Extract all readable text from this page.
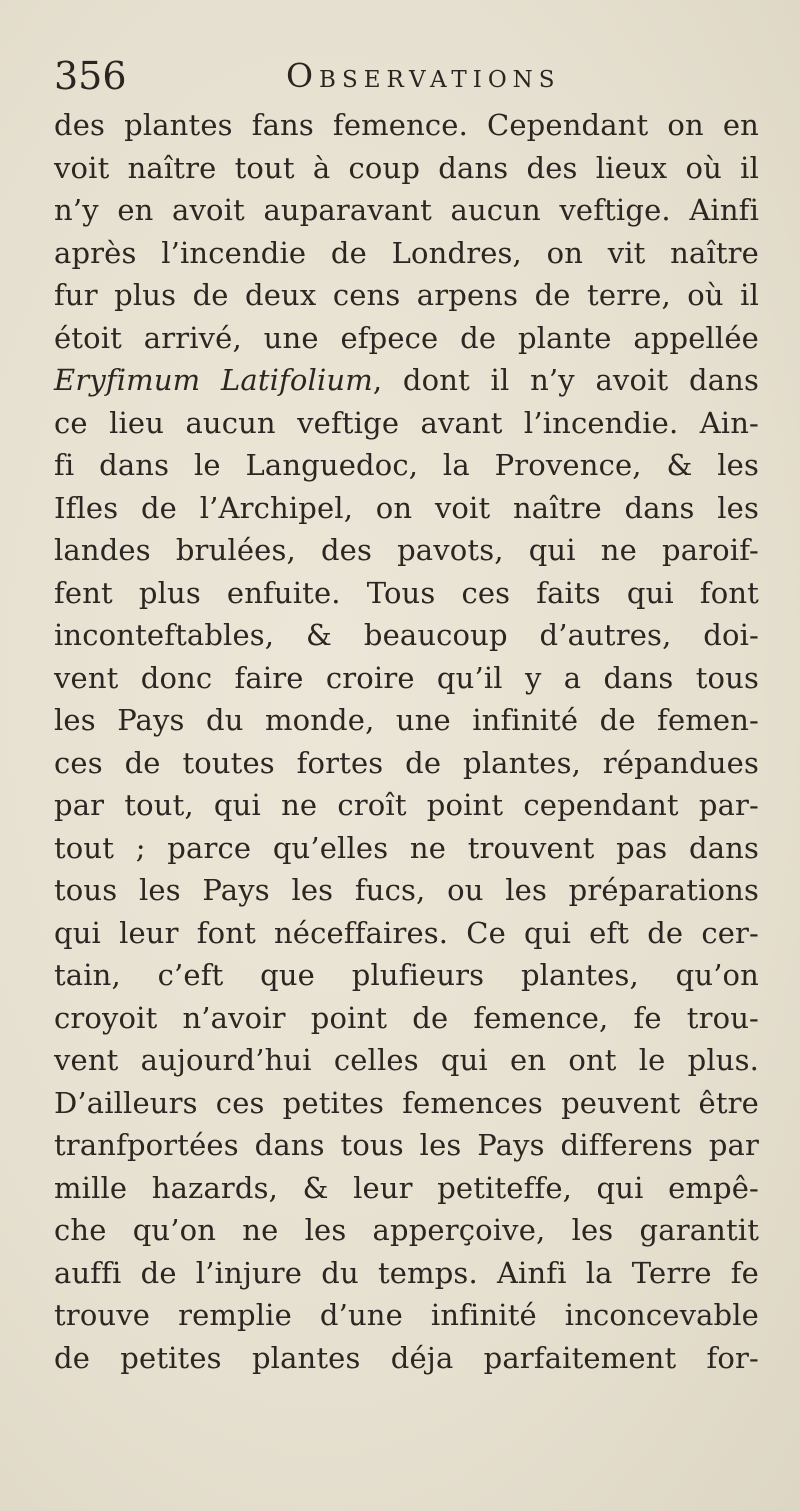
356	Observations
des plantes fans femence. Cependant on en
voit naître tout à coup dans des lieux où il
n’y en avoit auparavant aucun veftige. Ainfi
après l’incendie de Londres, on vit naître
fur plus de deux cens arpens de terre, où il
étoit arrivé, une efpece de plante appellée
Eryfimum Latifolium, dont il n’y avoit dans
ce lieu aucun veftige avant l’incendie. Ain-
fi dans le Languedoc, la Provence, & les
Ifles de l’Archipel, on voit naître dans les
landes brulées, des pavots, qui ne paroif-
fent plus enfuite. Tous ces faits qui font
inconteftables, & beaucoup d’autres, doi-
vent donc faire croire qu’il y a dans tous
les Pays du monde, une infinité de femen-
ces de toutes fortes de plantes, répandues
par tout, qui ne croît point cependant par-
tout ; parce qu’elles ne trouvent pas dans
tous les Pays les fucs, ou les préparations
qui leur font néceffaires. Ce qui eft de cer-
tain, c’eft que plufieurs plantes, qu’on
croyoit n’avoir point de femence, fe trou-
vent aujourd’hui celles qui en ont le plus.
D’ailleurs ces petites femences peuvent être
tranfportées dans tous les Pays differens par
mille hazards, & leur petiteffe, qui empê-
che qu’on ne les apperçoive, les garantit
auffi de l’injure du temps. Ainfi la Terre fe
trouve remplie d’une infinité inconcevable
de petites plantes déja parfaitement for-
